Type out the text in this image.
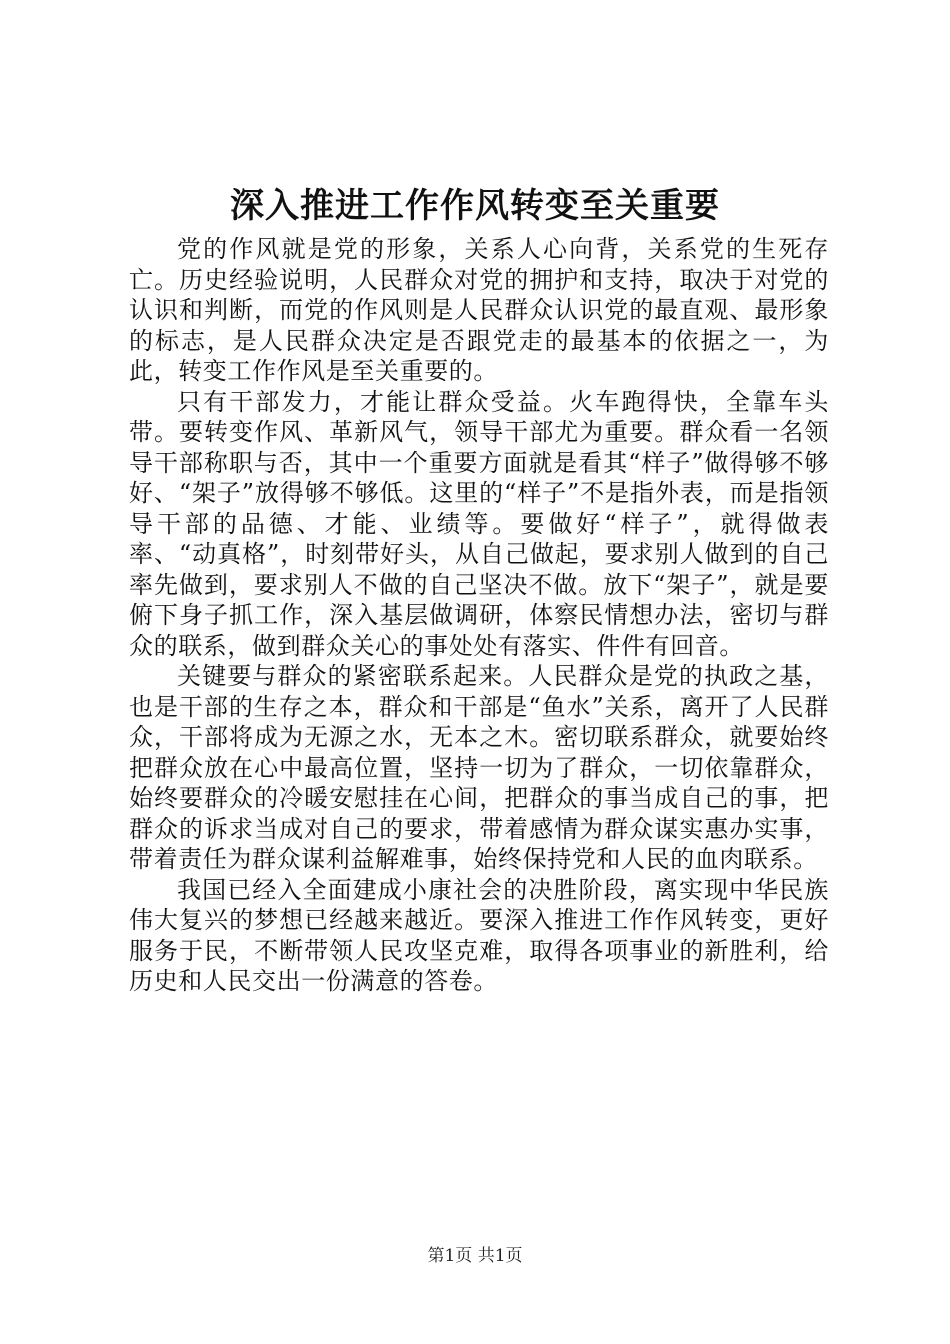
深入推进工作作风转变至关重要

党的作风就是党的形象，关系人心向背，关系党的生死存亡。历史经验说明，人民群众对党的拥护和支持，取决于对党的认识和判断，而党的作风则是人民群众认识党的最直观、最形象的标志，是人民群众决定是否跟党走的最基本的依据之一，为此，转变工作作风是至关重要的。

只有干部发力，才能让群众受益。火车跑得快，全靠车头带。要转变作风、革新风气，领导干部尤为重要。群众看一名领导干部称职与否，其中一个重要方面就是看其“样子”做得够不够好、“架子”放得够不够低。这里的“样子”不是指外表，而是指领导干部的品德、才能、业绩等。要做好“样子”，就得做表率、“动真格”，时刻带好头，从自己做起，要求别人做到的自己率先做到，要求别人不做的自己坚决不做。放下“架子”，就是要俯下身子抓工作，深入基层做调研，体察民情想办法，密切与群众的联系，做到群众关心的事处处有落实、件件有回音。

关键要与群众的紧密联系起来。人民群众是党的执政之基，也是干部的生存之本，群众和干部是“鱼水”关系，离开了人民群众，干部将成为无源之水，无本之木。密切联系群众，就要始终把群众放在心中最高位置，坚持一切为了群众，一切依靠群众，始终要群众的冷暖安慰挂在心间，把群众的事当成自己的事，把群众的诉求当成对自己的要求，带着感情为群众谋实惠办实事，带着责任为群众谋利益解难事，始终保持党和人民的血肉联系。

我国已经入全面建成小康社会的决胜阶段，离实现中华民族伟大复兴的梦想已经越来越近。要深入推进工作作风转变，更好服务于民，不断带领人民攻坚克难，取得各项事业的新胜利，给历史和人民交出一份满意的答卷。

第1页 共1页
